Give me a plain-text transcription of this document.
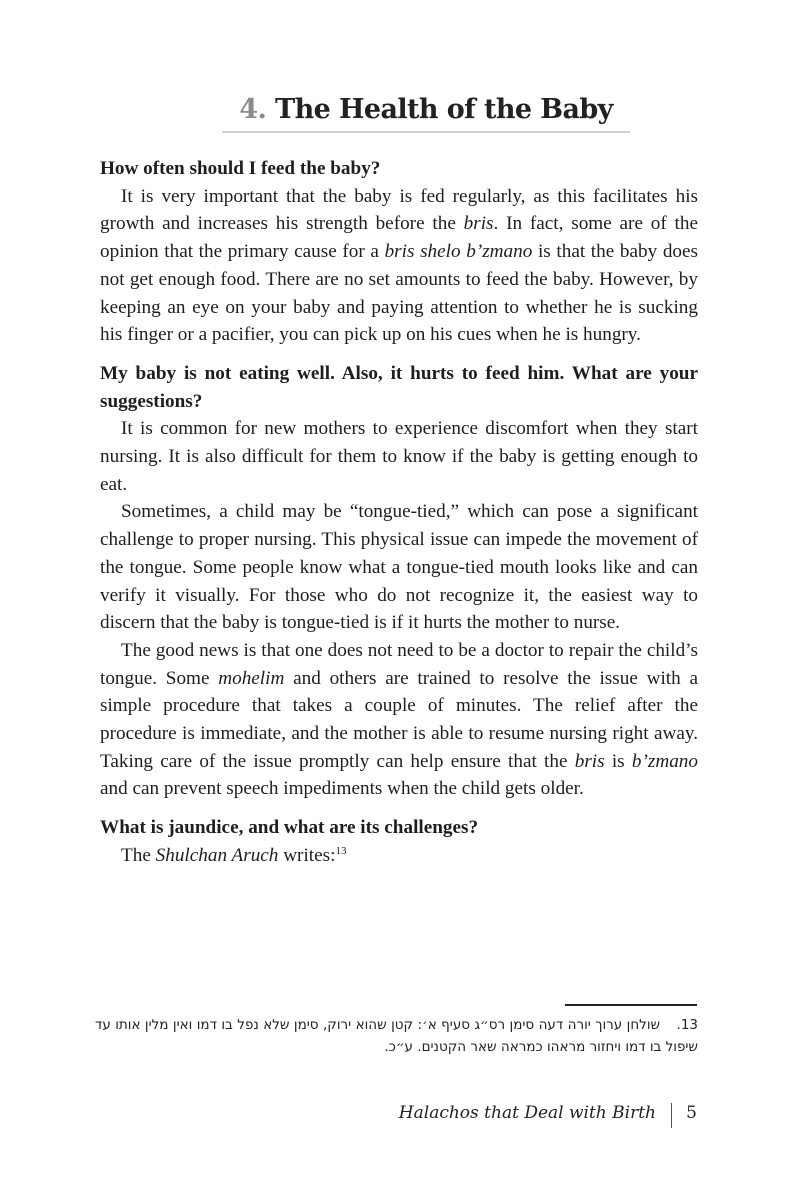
4. The Health of the Baby

How often should I feed the baby?

It is very important that the baby is fed regularly, as this facilitates his growth and increases his strength before the bris. In fact, some are of the opinion that the primary cause for a bris shelo b’zmano is that the baby does not get enough food. There are no set amounts to feed the baby. However, by keeping an eye on your baby and paying attention to whether he is sucking his finger or a pacifier, you can pick up on his cues when he is hungry.

My baby is not eating well. Also, it hurts to feed him. What are your suggestions?

It is common for new mothers to experience discomfort when they start nursing. It is also difficult for them to know if the baby is getting enough to eat.

Sometimes, a child may be “tongue-tied,” which can pose a significant challenge to proper nursing. This physical issue can impede the movement of the tongue. Some people know what a tongue-tied mouth looks like and can verify it visually. For those who do not recognize it, the easiest way to discern that the baby is tongue-tied is if it hurts the mother to nurse.

The good news is that one does not need to be a doctor to repair the child’s tongue. Some mohelim and others are trained to resolve the issue with a simple procedure that takes a couple of minutes. The relief after the procedure is immediate, and the mother is able to resume nursing right away. Taking care of the issue promptly can help ensure that the bris is b’zmano and can prevent speech impediments when the child gets older.

What is jaundice, and what are its challenges?

The Shulchan Aruch writes:$^{13}$

13. שולחן ערוך יורה דעה סימן רס״ג סעיף א׳: קטן שהוא ירוק, סימן שלא נפל בו דמו ואין מלין אותו עד שיפול בו דמו ויחזור מראהו כמראה שאר הקטנים. ע״כ.
Halachos that Deal with Birth 5
